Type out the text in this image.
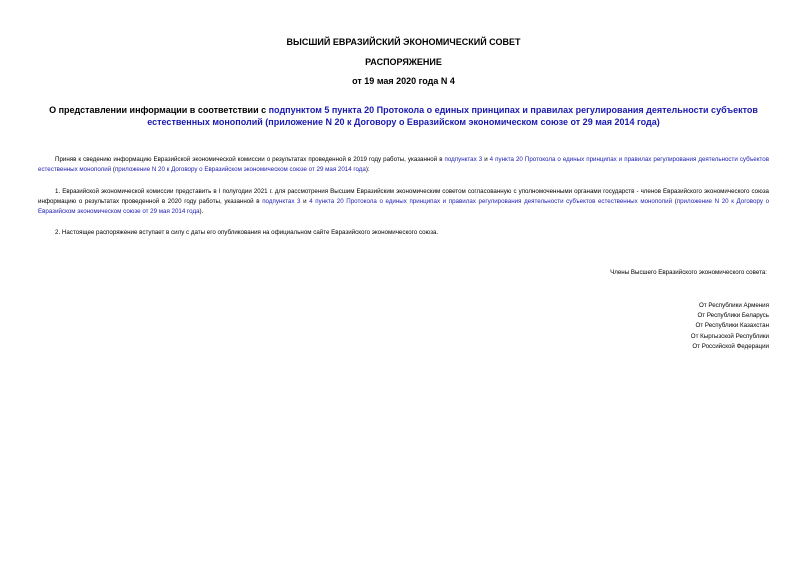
ВЫСШИЙ ЕВРАЗИЙСКИЙ ЭКОНОМИЧЕСКИЙ СОВЕТ
РАСПОРЯЖЕНИЕ
от 19 мая 2020 года N 4
О представлении информации в соответствии с подпунктом 5 пункта 20 Протокола о единых принципах и правилах регулирования деятельности субъектов естественных монополий (приложение N 20 к Договору о Евразийском экономическом союзе от 29 мая 2014 года)
Приняв к сведению информацию Евразийской экономической комиссии о результатах проведенной в 2019 году работы, указанной в подпунктах 3 и 4 пункта 20 Протокола о единых принципах и правилах регулирования деятельности субъектов естественных монополий (приложение N 20 к Договору о Евразийском экономическом союзе от 29 мая 2014 года):
1. Евразийской экономической комиссии представить в I полугодии 2021 г. для рассмотрения Высшим Евразийским экономическим советом согласованную с уполномоченными органами государств - членов Евразийского экономического союза информацию о результатах проведенной в 2020 году работы, указанной в подпунктах 3 и 4 пункта 20 Протокола о единых принципах и правилах регулирования деятельности субъектов естественных монополий (приложение N 20 к Договору о Евразийском экономическом союзе от 29 мая 2014 года).
2. Настоящее распоряжение вступает в силу с даты его опубликования на официальном сайте Евразийского экономического союза.
Члены Высшего Евразийского экономического совета:
От Республики Армения
От Республики Беларусь
От Республики Казахстан
От Кыргызской Республики
От Российской Федерации
